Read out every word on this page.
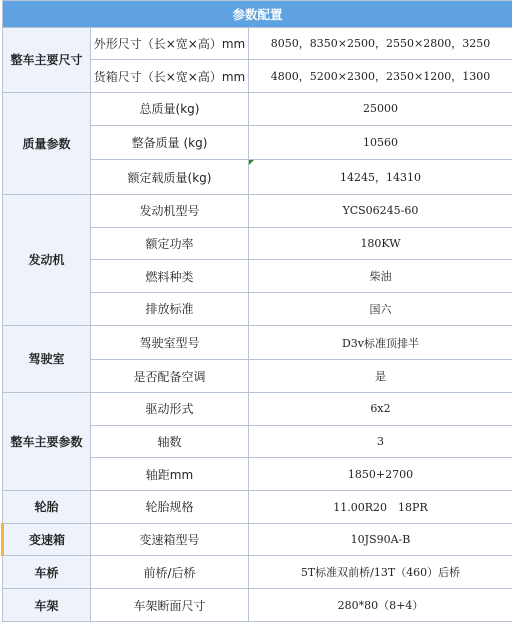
参数配置		
整车主要尺寸	外形尺寸（长×宽×高）mm	8050，8350×2500，2550×2800，3250
	货箱尺寸（长×宽×高）mm	4800，5200×2300，2350×1200，1300
质量参数	总质量(kg)	25000
	整备质量 (kg)	10560
	额定载质量(kg)	14245，14310
发动机	发动机型号	YCS06245-60
	额定功率	180KW
	燃料种类	柴油
	排放标准	国六
驾驶室	驾驶室型号	D3v标准顶排半
	是否配备空调	是
整车主要参数	驱动形式	6x2
	轴数	3
	轴距mm	1850+2700
轮胎	轮胎规格	11.00R20　18PR
变速箱	变速箱型号	10JS90A-B
车桥	前桥/后桥	5T标准双前桥/13T（460）后桥
车架	车架断面尺寸	280*80（8+4）
